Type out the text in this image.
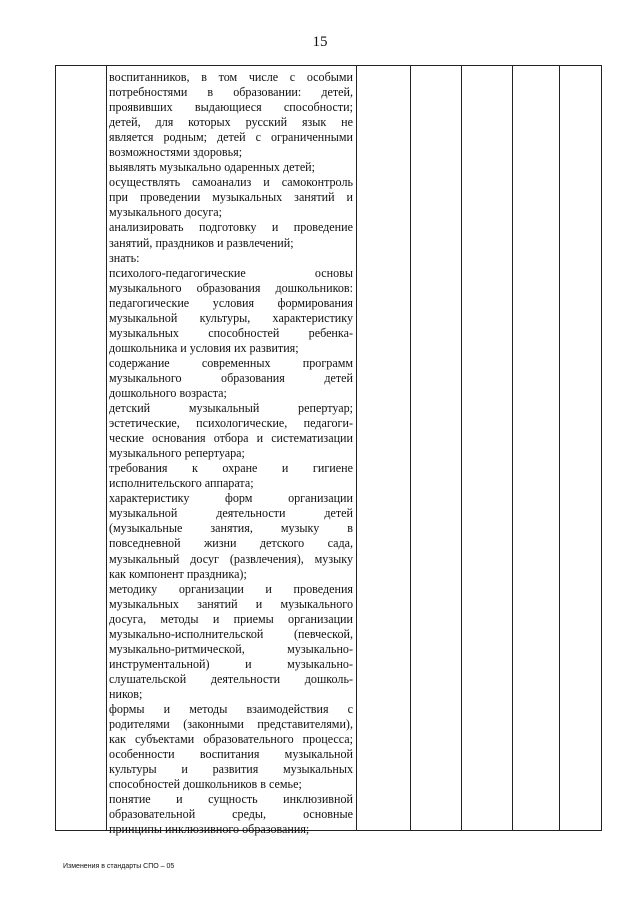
15
воспитанников, в том числе с особыми
потребностями в образовании: детей,
проявивших выдающиеся способности;
детей, для которых русский язык не
является родным; детей с ограниченными
возможностями здоровья;
выявлять музыкально одаренных детей;
осуществлять самоанализ и самоконтроль
при проведении музыкальных занятий и
музыкального досуга;
анализировать подготовку и проведение
занятий, праздников и развлечений;
знать:
психолого-педагогические основы
музыкального образования дошкольников:
педагогические условия формирования
музыкальной культуры, характеристику
музыкальных способностей ребенка-
дошкольника и условия их развития;
содержание современных программ
музыкального образования детей
дошкольного возраста;
детский музыкальный репертуар;
эстетические, психологические, педагоги-
ческие основания отбора и систематизации
музыкального репертуара;
требования к охране и гигиене
исполнительского аппарата;
характеристику форм организации
музыкальной деятельности детей
(музыкальные занятия, музыку в
повседневной жизни детского сада,
музыкальный досуг (развлечения), музыку
как компонент праздника);
методику организации и проведения
музыкальных занятий и музыкального
досуга, методы и приемы организации
музыкально-исполнительской (певческой,
музыкально-ритмической, музыкально-
инструментальной) и музыкально-
слушательской деятельности дошколь-
ников;
формы и методы взаимодействия с
родителями (законными представителями),
как субъектами образовательного процесса;
особенности воспитания музыкальной
культуры и развития музыкальных
способностей дошкольников в семье;
понятие и сущность инклюзивной
образовательной среды, основные
принципы инклюзивного образования;
Изменения в стандарты СПО – 05
